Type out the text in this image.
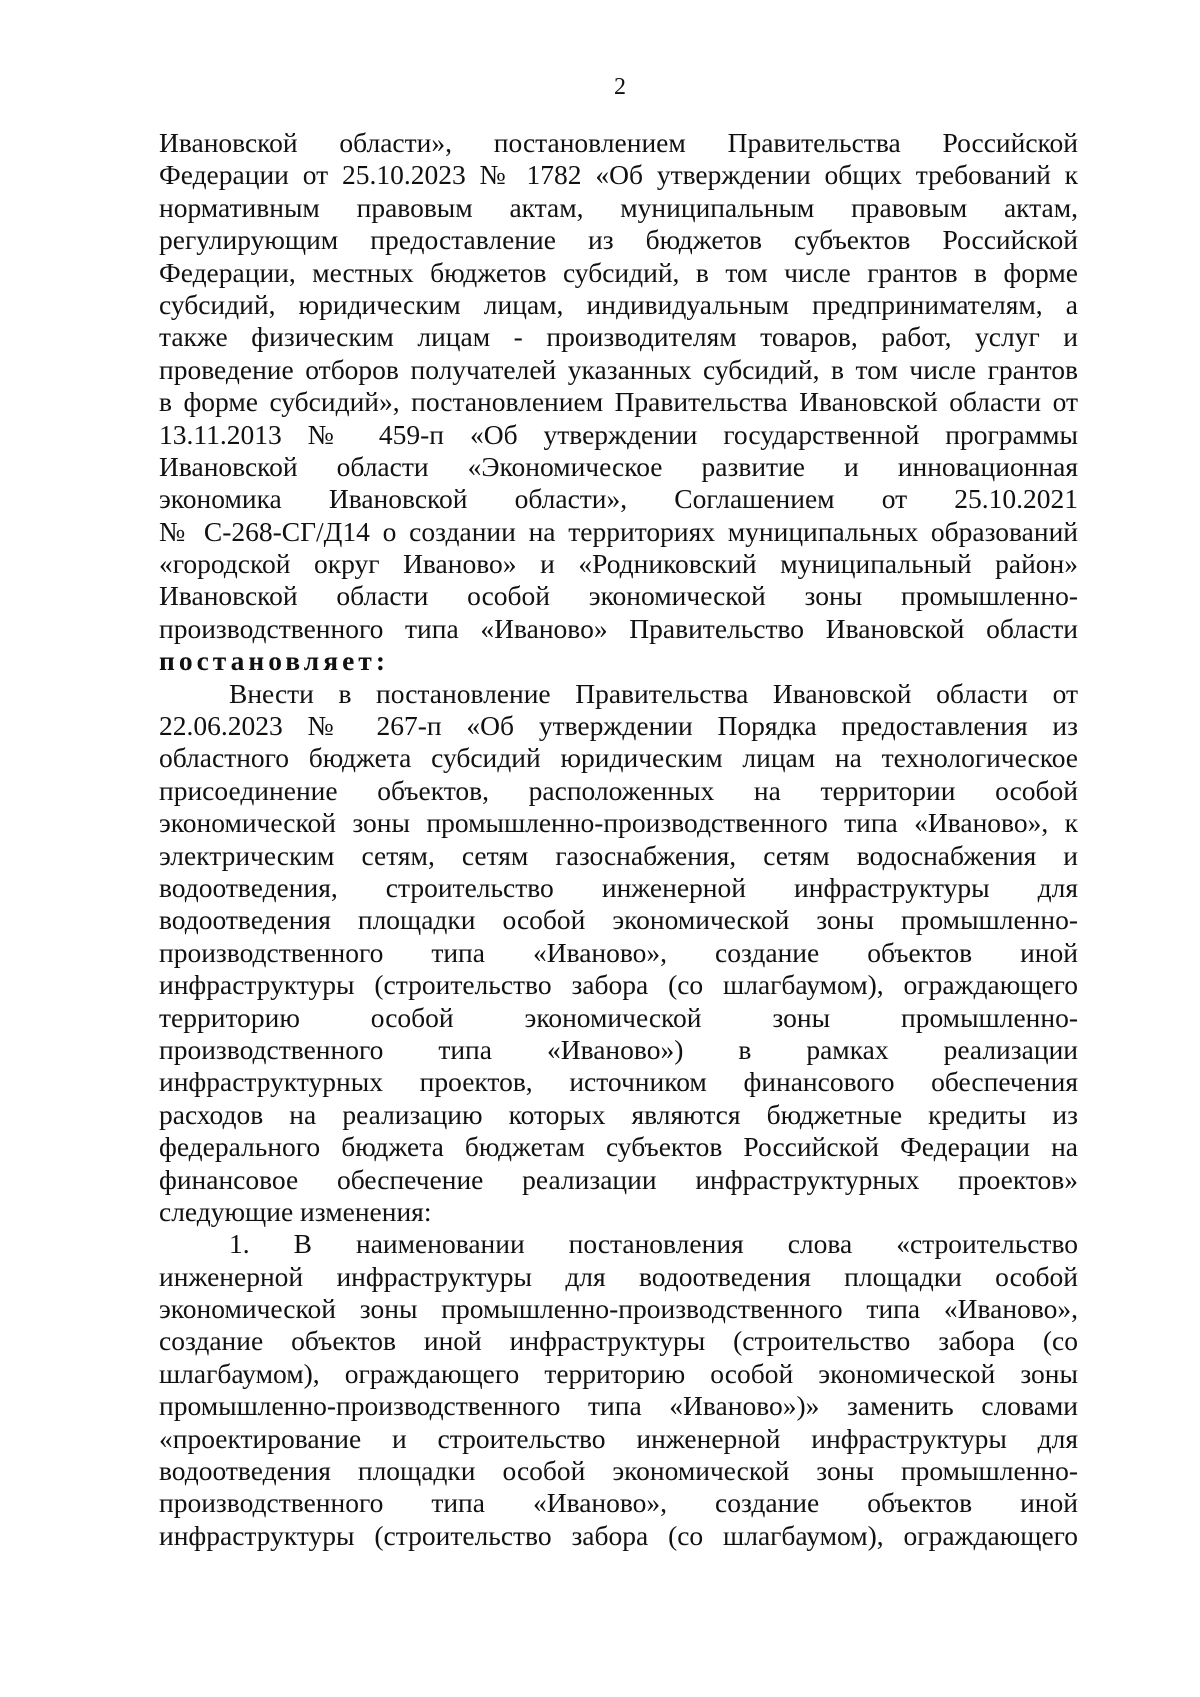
2
Ивановской области», постановлением Правительства Российской
Федерации от 25.10.2023 № 1782 «Об утверждении общих требований к
нормативным правовым актам, муниципальным правовым актам,
регулирующим предоставление из бюджетов субъектов Российской
Федерации, местных бюджетов субсидий, в том числе грантов в форме
субсидий, юридическим лицам, индивидуальным предпринимателям, а
также физическим лицам - производителям товаров, работ, услуг и
проведение отборов получателей указанных субсидий, в том числе грантов
в форме субсидий», постановлением Правительства Ивановской области от
13.11.2013 № 459-п «Об утверждении государственной программы
Ивановской области «Экономическое развитие и инновационная
экономика Ивановской области», Соглашением от 25.10.2021
№ С-268-СГ/Д14 о создании на территориях муниципальных образований
«городской округ Иваново» и «Родниковский муниципальный район»
Ивановской области особой экономической зоны промышленно-
производственного типа «Иваново» Правительство Ивановской области
постановляет:
Внести в постановление Правительства Ивановской области от
22.06.2023 № 267-п «Об утверждении Порядка предоставления из
областного бюджета субсидий юридическим лицам на технологическое
присоединение объектов, расположенных на территории особой
экономической зоны промышленно-производственного типа «Иваново», к
электрическим сетям, сетям газоснабжения, сетям водоснабжения и
водоотведения, строительство инженерной инфраструктуры для
водоотведения площадки особой экономической зоны промышленно-
производственного типа «Иваново», создание объектов иной
инфраструктуры (строительство забора (со шлагбаумом), ограждающего
территорию особой экономической зоны промышленно-
производственного типа «Иваново») в рамках реализации
инфраструктурных проектов, источником финансового обеспечения
расходов на реализацию которых являются бюджетные кредиты из
федерального бюджета бюджетам субъектов Российской Федерации на
финансовое обеспечение реализации инфраструктурных проектов»
следующие изменения:
1. В наименовании постановления слова «строительство
инженерной инфраструктуры для водоотведения площадки особой
экономической зоны промышленно-производственного типа «Иваново»,
создание объектов иной инфраструктуры (строительство забора (со
шлагбаумом), ограждающего территорию особой экономической зоны
промышленно-производственного типа «Иваново»)» заменить словами
«проектирование и строительство инженерной инфраструктуры для
водоотведения площадки особой экономической зоны промышленно-
производственного типа «Иваново», создание объектов иной
инфраструктуры (строительство забора (со шлагбаумом), ограждающего
